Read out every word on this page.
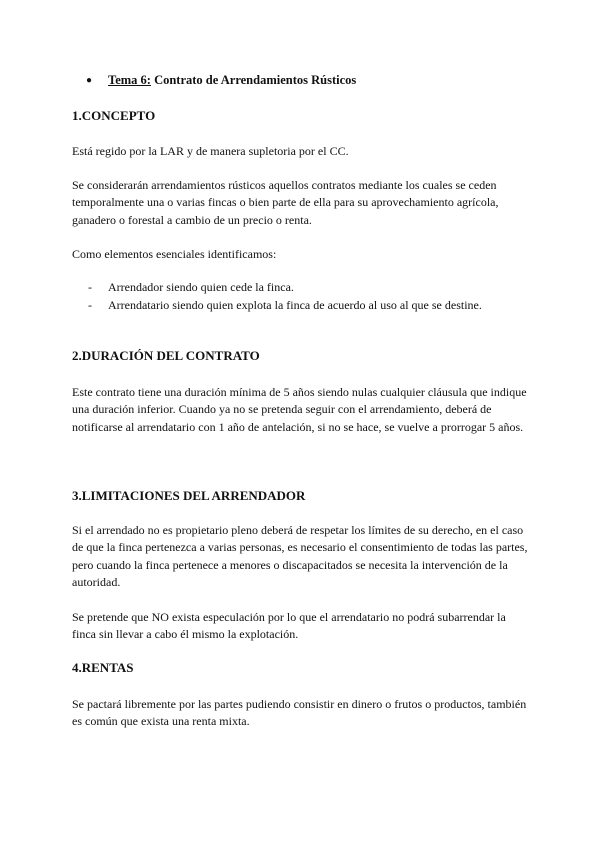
● Tema 6: Contrato de Arrendamientos Rústicos
1.CONCEPTO
Está regido por la LAR y de manera supletoria por el CC.
Se considerarán arrendamientos rústicos aquellos contratos mediante los cuales se ceden temporalmente una o varias fincas o bien parte de ella para su aprovechamiento agrícola, ganadero o forestal a cambio de un precio o renta.
Como elementos esenciales identificamos:
- Arrendador siendo quien cede la finca.
- Arrendatario siendo quien explota la finca de acuerdo al uso al que se destine.
2.DURACIÓN DEL CONTRATO
Este contrato tiene una duración mínima de 5 años siendo nulas cualquier cláusula que indique una duración inferior. Cuando ya no se pretenda seguir con el arrendamiento, deberá de notificarse al arrendatario con 1 año de antelación, si no se hace, se vuelve a prorrogar 5 años.
3.LIMITACIONES DEL ARRENDADOR
Si el arrendado no es propietario pleno deberá de respetar los límites de su derecho, en el caso de que la finca pertenezca a varias personas, es necesario el consentimiento de todas las partes, pero cuando la finca pertenece a menores o discapacitados se necesita la intervención de la autoridad.
Se pretende que NO exista especulación por lo que el arrendatario no podrá subarrendar la finca sin llevar a cabo él mismo la explotación.
4.RENTAS
Se pactará libremente por las partes pudiendo consistir en dinero o frutos o productos, también es común que exista una renta mixta.
